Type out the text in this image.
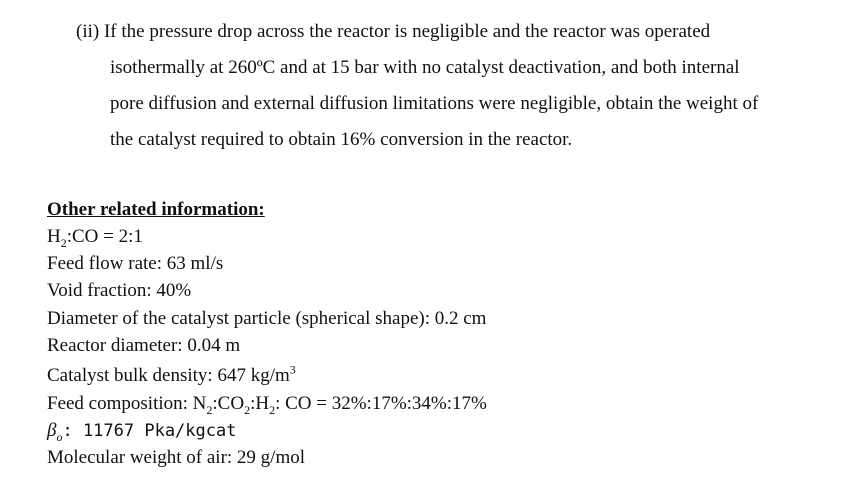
(ii) If the pressure drop across the reactor is negligible and the reactor was operated
isothermally at 260ºC and at 15 bar with no catalyst deactivation, and both internal
pore diffusion and external diffusion limitations were negligible, obtain the weight of
the catalyst required to obtain 16% conversion in the reactor.
Other related information:
$H_2:CO$ = 2:1
Feed flow rate: 63 ml/s
Void fraction: 40%
Diameter of the catalyst particle (spherical shape): 0.2 cm
Reactor diameter: 0.04 m
Catalyst bulk density: 647 $kg/m^3$
Feed composition: $N_2:CO_2:H_2$: CO = 32%:17%:34%:17%
$\beta_o$: 11767 Pka/kgcat
Molecular weight of air: 29 g/mol
